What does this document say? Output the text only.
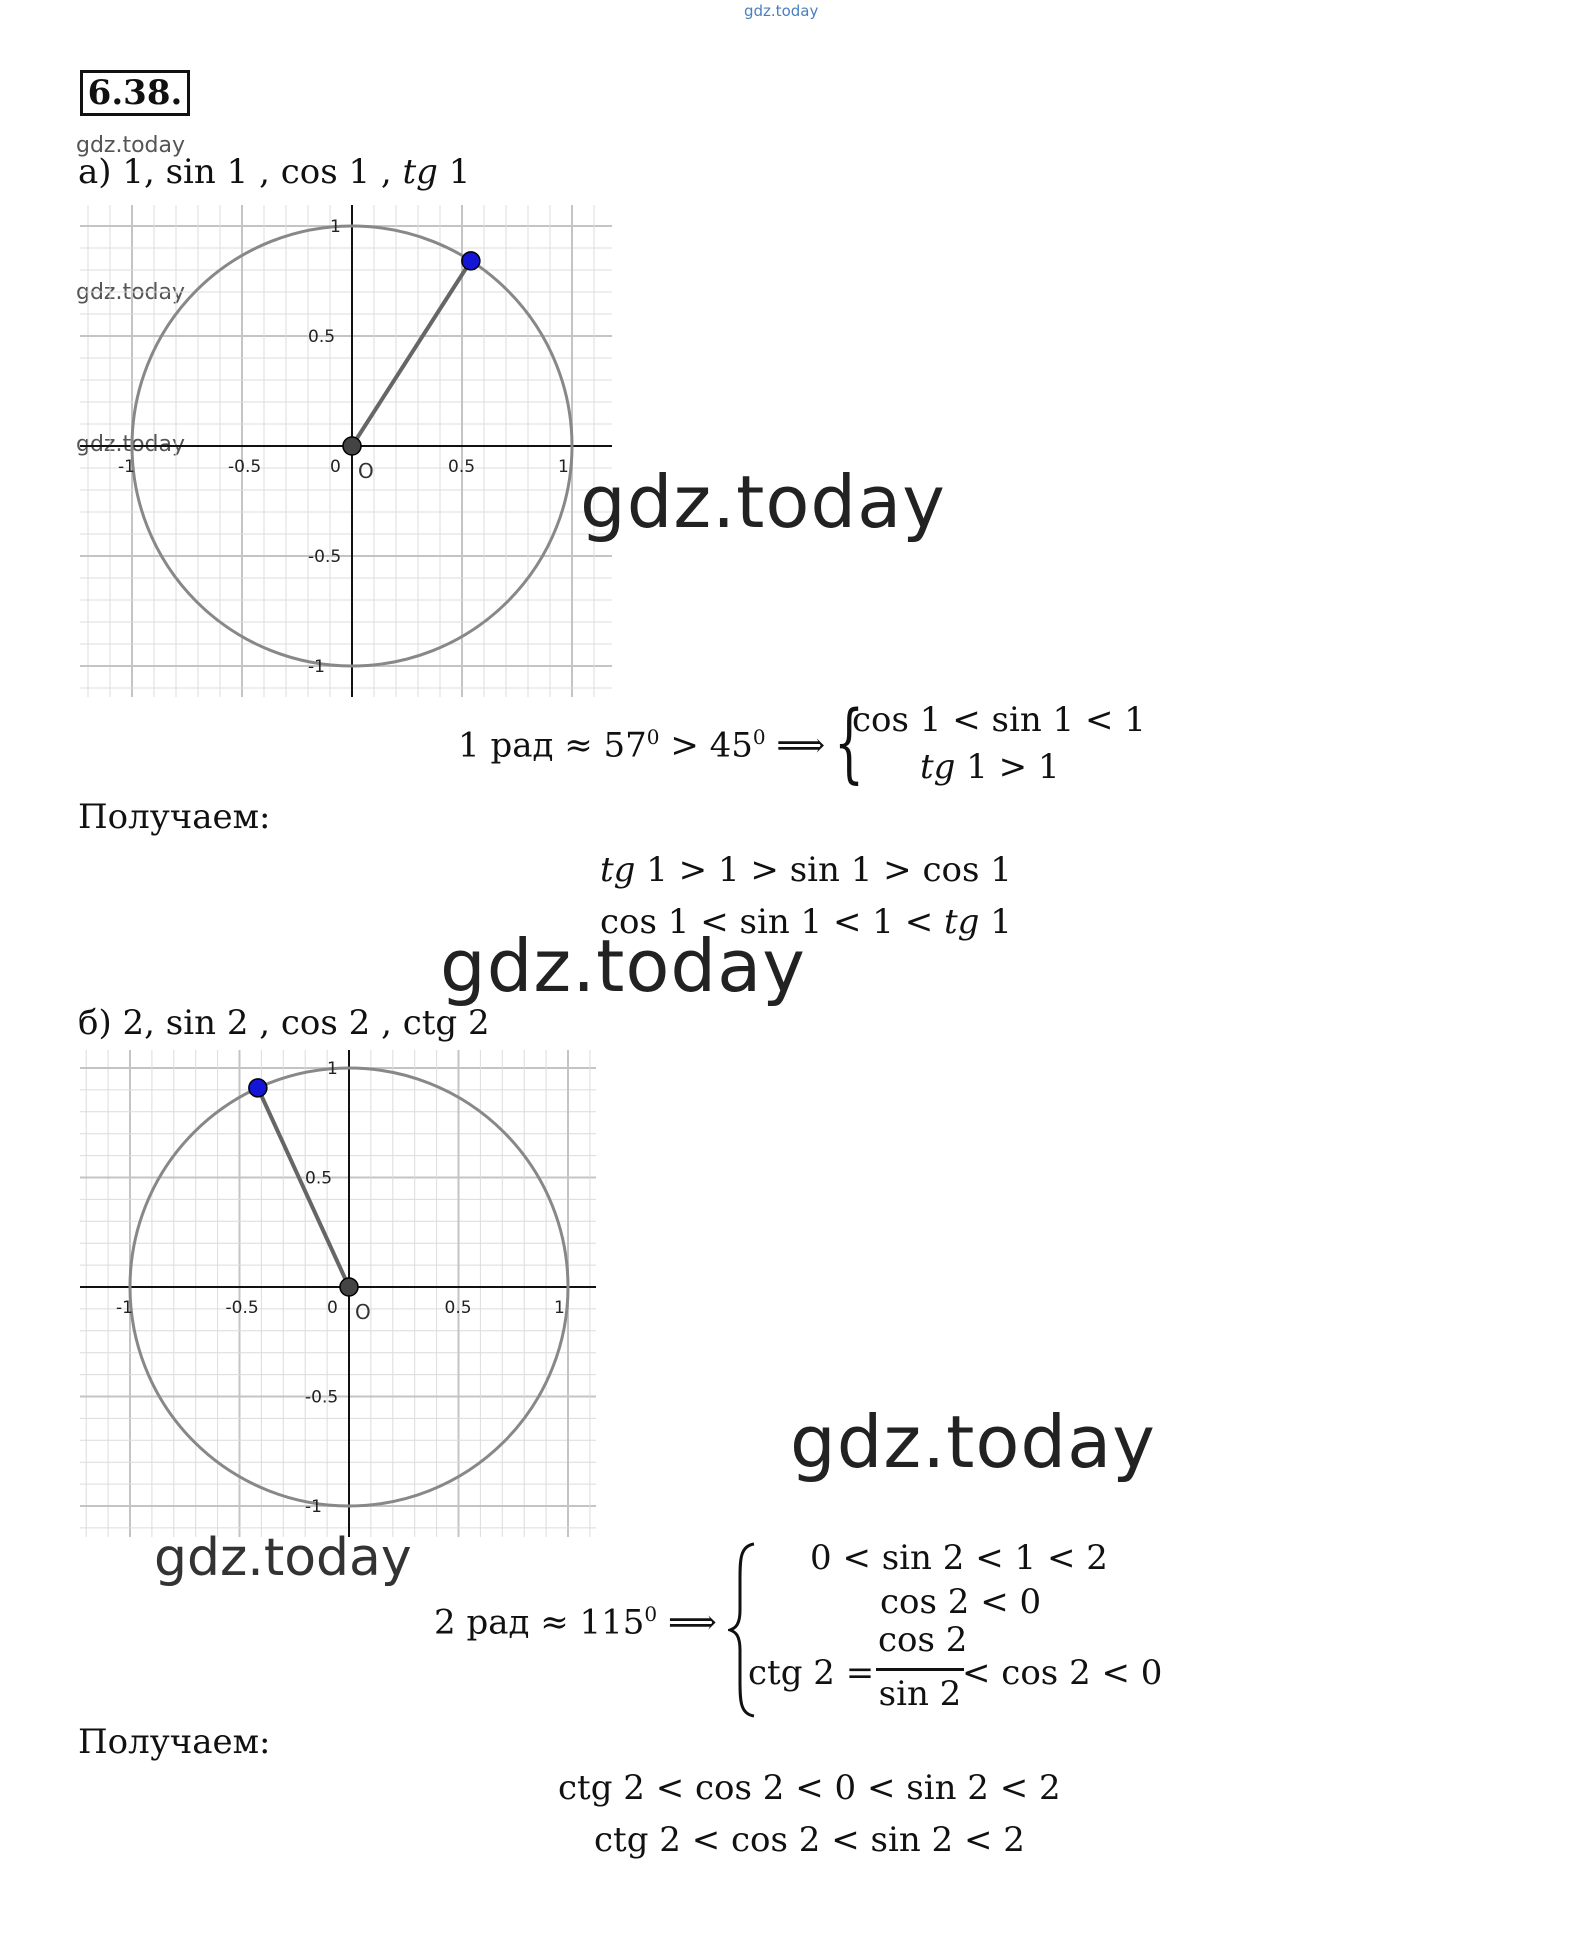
gdz.today
gdz.today
gdz.today
gdz.today
6.38.
а) 1, sin 1 , cos 1 , tg 1
-1	-0.5	0	0.5	1
1
0.5
-0.5
-1
O	gdz.today
1 рад ≈ $57^0 > 45^0$ ⟹ {
cos 1 < sin 1 < 1
tg 1 > 1
Получаем:
tg 1 > 1 > sin 1 > cos 1
cos 1 < sin 1 < 1 < tg 1
gdz.today
б) 2, sin 2 , cos 2 , ctg 2
-1	-0.5	0	0.5	1
1
0.5
-0.5
-1
O
gdz.today
gdz.today
2 рад ≈ $115^0$ ⟹
0 < sin 2 < 1 < 2
cos 2 < 0
ctg 2 =
cos 2
sin 2
< cos 2 < 0
Получаем:
ctg 2 < cos 2 < 0 < sin 2 < 2
ctg 2 < cos 2 < sin 2 < 2
